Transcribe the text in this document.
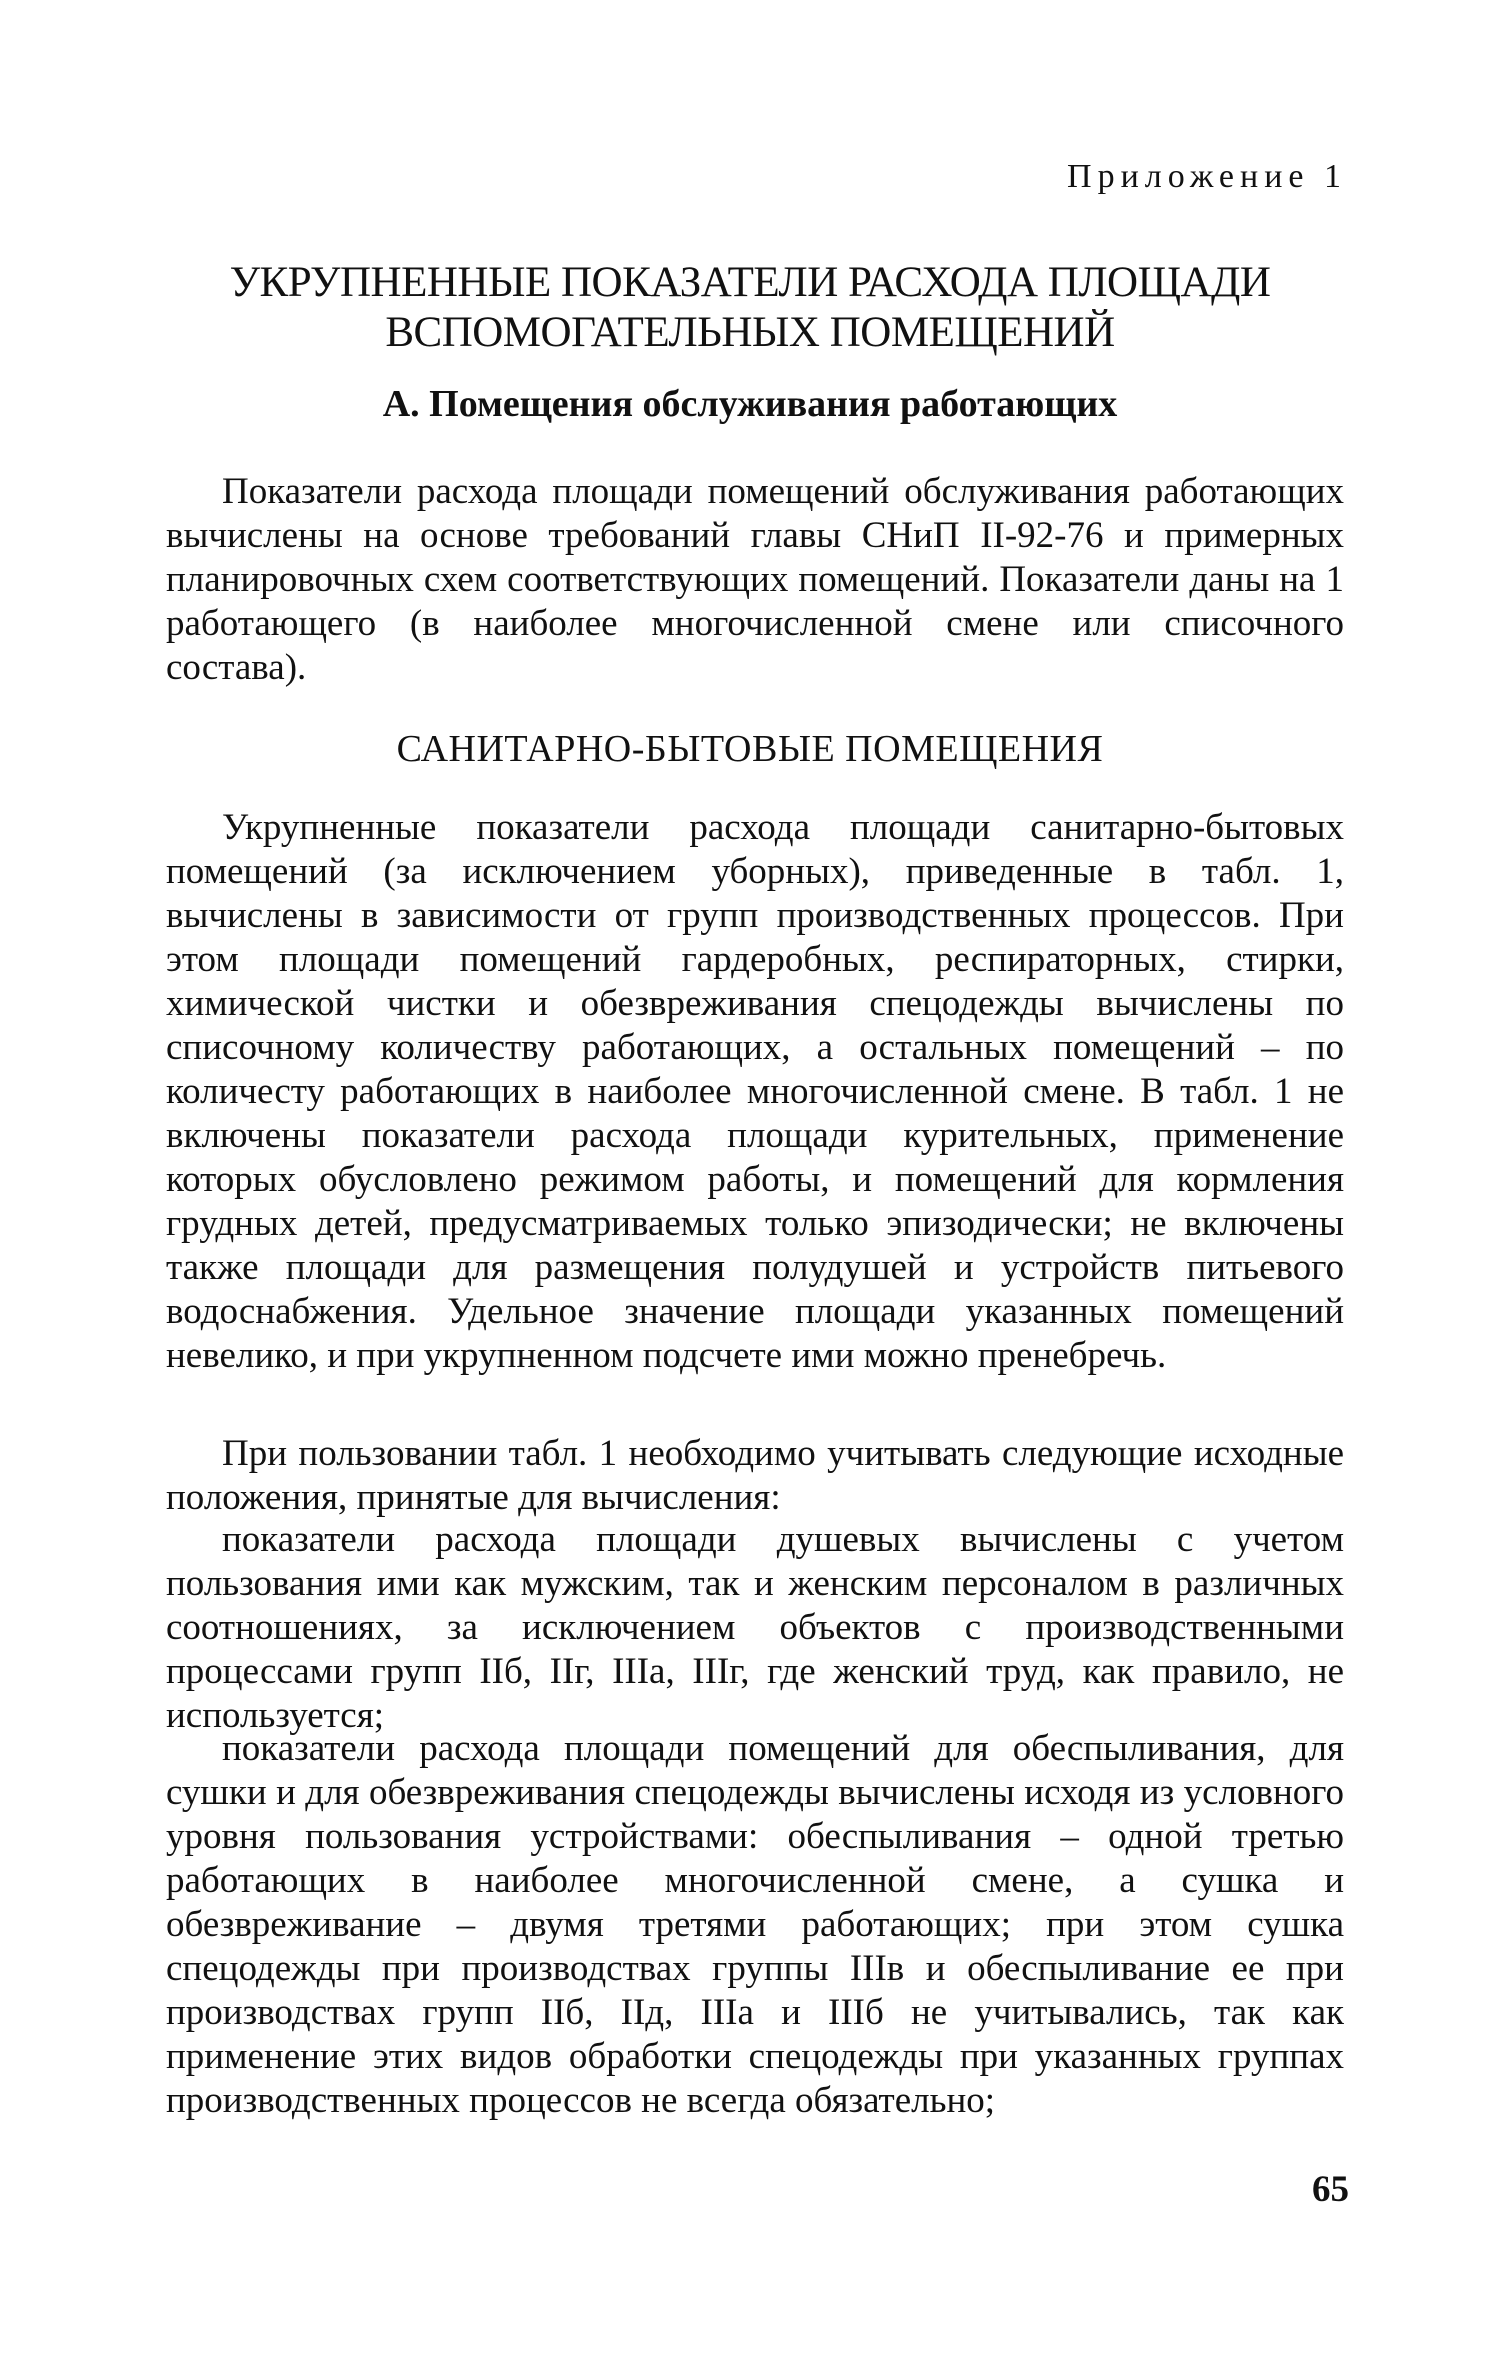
Приложение 1
УКРУПНЕННЫЕ ПОКАЗАТЕЛИ РАСХОДА ПЛОЩАДИ
ВСПОМОГАТЕЛЬНЫХ ПОМЕЩЕНИЙ
А. Помещения обслуживания работающих

Показатели расхода площади помещений обслуживания работающих вычислены на основе требований главы СНиП II-92-76 и примерных планировочных схем соответствующих помещений. Показатели даны на 1 работающего (в наиболее многочисленной смене или списочного состава).

САНИТАРНО-БЫТОВЫЕ ПОМЕЩЕНИЯ

Укрупненные показатели расхода площади санитарно-бытовых помещений (за исключением уборных), приведенные в табл. 1, вычислены в зависимости от групп производственных процессов. При этом площади помещений гардеробных, респираторных, стирки, химической чистки и обезвреживания спецодежды вычислены по списочному количеству работающих, а остальных помещений – по количесту работающих в наиболее многочисленной смене. В табл. 1 не включены показатели расхода площади курительных, применение которых обусловлено режимом работы, и помещений для кормления грудных детей, предусматриваемых только эпизодически; не включены также площади для размещения полудушей и устройств питьевого водоснабжения. Удельное значение площади указанных помещений невелико, и при укрупненном подсчете ими можно пренебречь.

При пользовании табл. 1 необходимо учитывать следующие исходные положения, принятые для вычисления:

показатели расхода площади душевых вычислены с учетом пользования ими как мужским, так и женским персоналом в различных соотношениях, за исключением объектов с производственными процессами групп IIб, IIг, IIIа, IIIг, где женский труд, как правило, не используется;

показатели расхода площади помещений для обеспыливания, для сушки и для обезвреживания спецодежды вычислены исходя из условного уровня пользования устройствами: обеспыливания – одной третью работающих в наиболее многочисленной смене, а сушка и обезвреживание – двумя третями работающих; при этом сушка спецодежды при производствах группы IIIв и обеспыливание ее при производствах групп IIб, IIд, IIIа и IIIб не учитывались, так как применение этих видов обработки спецодежды при указанных группах производственных процессов не всегда обязательно;

65
